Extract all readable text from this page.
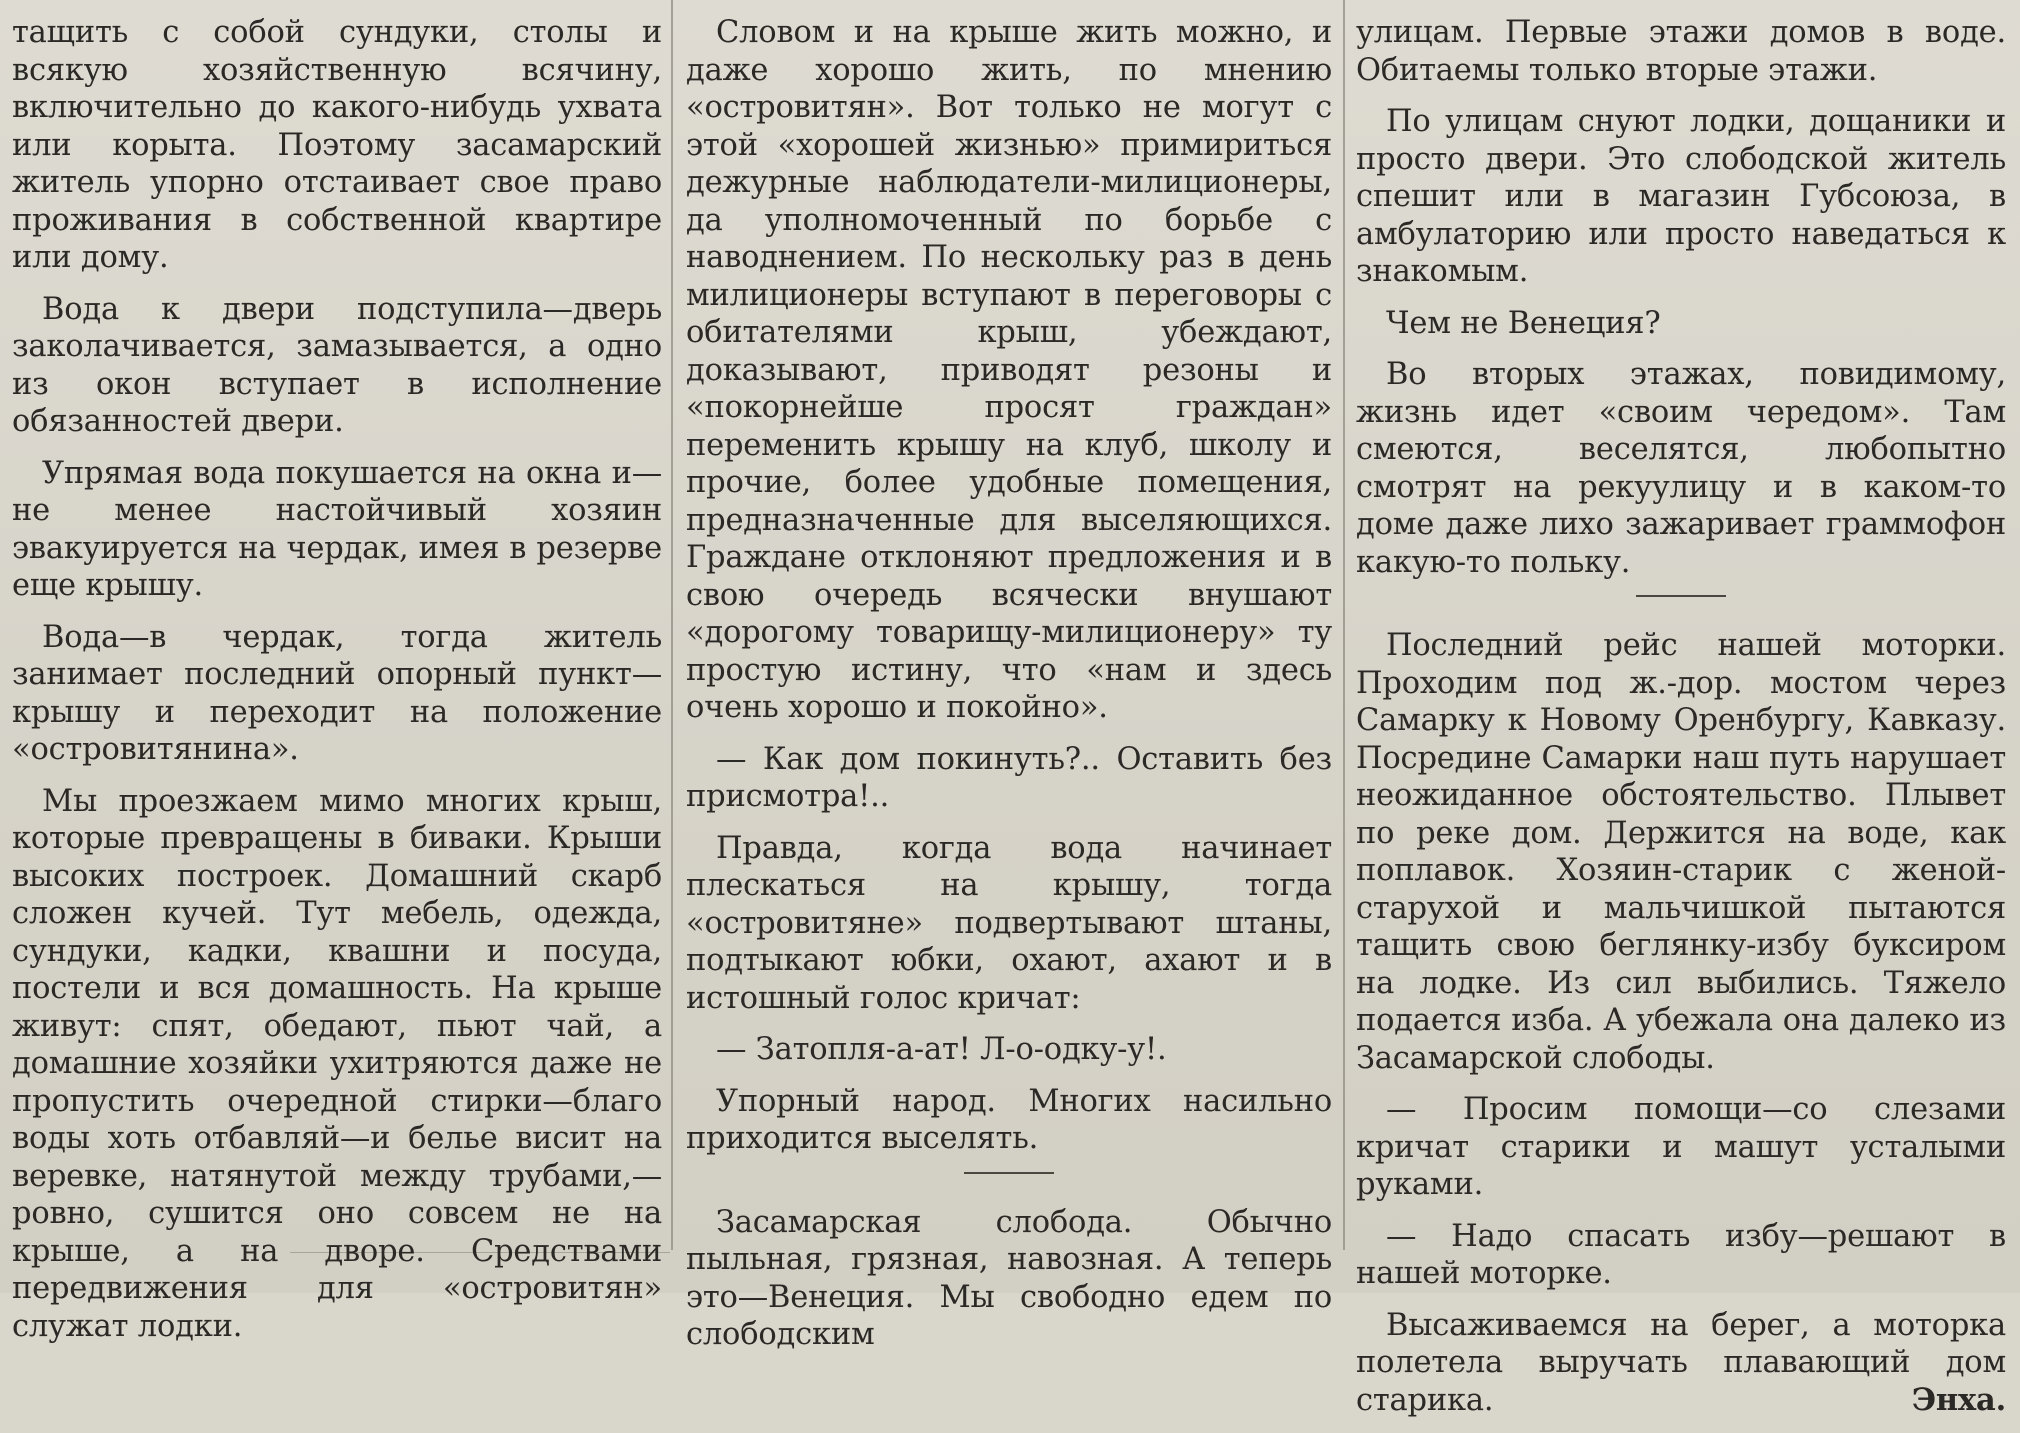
тащить с собой сундуки, столы и всякую хозяйственную всячину, включительно до какого-нибудь ухвата или корыта. Поэтому засамарский житель упорно отстаивает свое право проживания в собственной квартире или дому.

Вода к двери подступила—дверь заколачивается, замазывается, а одно из окон вступает в исполнение обязанностей двери.

Упрямая вода покушается на окна и—не менее настойчивый хозяин эвакуируется на чердак, имея в резерве еще крышу.

Вода—в чердак, тогда житель занимает последний опорный пункт—крышу и переходит на положение «островитянина».

Мы проезжаем мимо многих крыш, которые превращены в биваки. Крыши высоких построек. Домашний скарб сложен кучей. Тут мебель, одежда, сундуки, кадки, квашни и посуда, постели и вся домашность. На крыше живут: спят, обедают, пьют чай, а домашние хозяйки ухитряются даже не пропустить очередной стирки—благо воды хоть отбавляй—и белье висит на веревке, натянутой между трубами,—ровно, сушится оно совсем не на крыше, а на дворе. Средствами передвижения для «островитян» служат лодки.

Словом и на крыше жить можно, и даже хорошо жить, по мнению «островитян». Вот только не могут с этой «хорошей жизнью» примириться дежурные наблюдатели-милиционеры, да уполномоченный по борьбе с наводнением. По нескольку раз в день милиционеры вступают в переговоры с обитателями крыш, убеждают, доказывают, приводят резоны и «покорнейше просят граждан» переменить крышу на клуб, школу и прочие, более удобные помещения, предназначенные для выселяющихся. Граждане отклоняют предложения и в свою очередь всячески внушают «дорогому товарищу-милиционеру» ту простую истину, что «нам и здесь очень хорошо и покойно».

— Как дом покинуть?.. Оставить без присмотра!..

Правда, когда вода начинает плескаться на крышу, тогда «островитяне» подвертывают штаны, подтыкают юбки, охают, ахают и в истошный голос кричат:

— Затопля-а-ат! Л-о-одку-у!.

Упорный народ. Многих насильно приходится выселять.

Засамарская слобода. Обычно пыльная, грязная, навозная. А теперь это—Венеция. Мы свободно едем по слободским

улицам. Первые этажи домов в воде. Обитаемы только вторые этажи.

По улицам снуют лодки, дощаники и просто двери. Это слободской житель спешит или в магазин Губсоюза, в амбулаторию или просто наведаться к знакомым.

Чем не Венеция?

Во вторых этажах, повидимому, жизнь идет «своим чередом». Там смеются, веселятся, любопытно смотрят на рекуулицу и в каком-то доме даже лихо зажаривает граммофон какую-то польку.

Последний рейс нашей моторки. Проходим под ж.-дор. мостом через Самарку к Новому Оренбургу, Кавказу. Посредине Самарки наш путь нарушает неожиданное обстоятельство. Плывет по реке дом. Держится на воде, как поплавок. Хозяин-старик с женой-старухой и мальчишкой пытаются тащить свою беглянку-избу буксиром на лодке. Из сил выбились. Тяжело подается изба. А убежала она далеко из Засамарской слободы.

— Просим помощи—со слезами кричат старики и машут усталыми руками.

— Надо спасать избу—решают в нашей моторке.

Высаживаемся на берег, а моторка полетела выручать плавающий дом старика.	Энха.
